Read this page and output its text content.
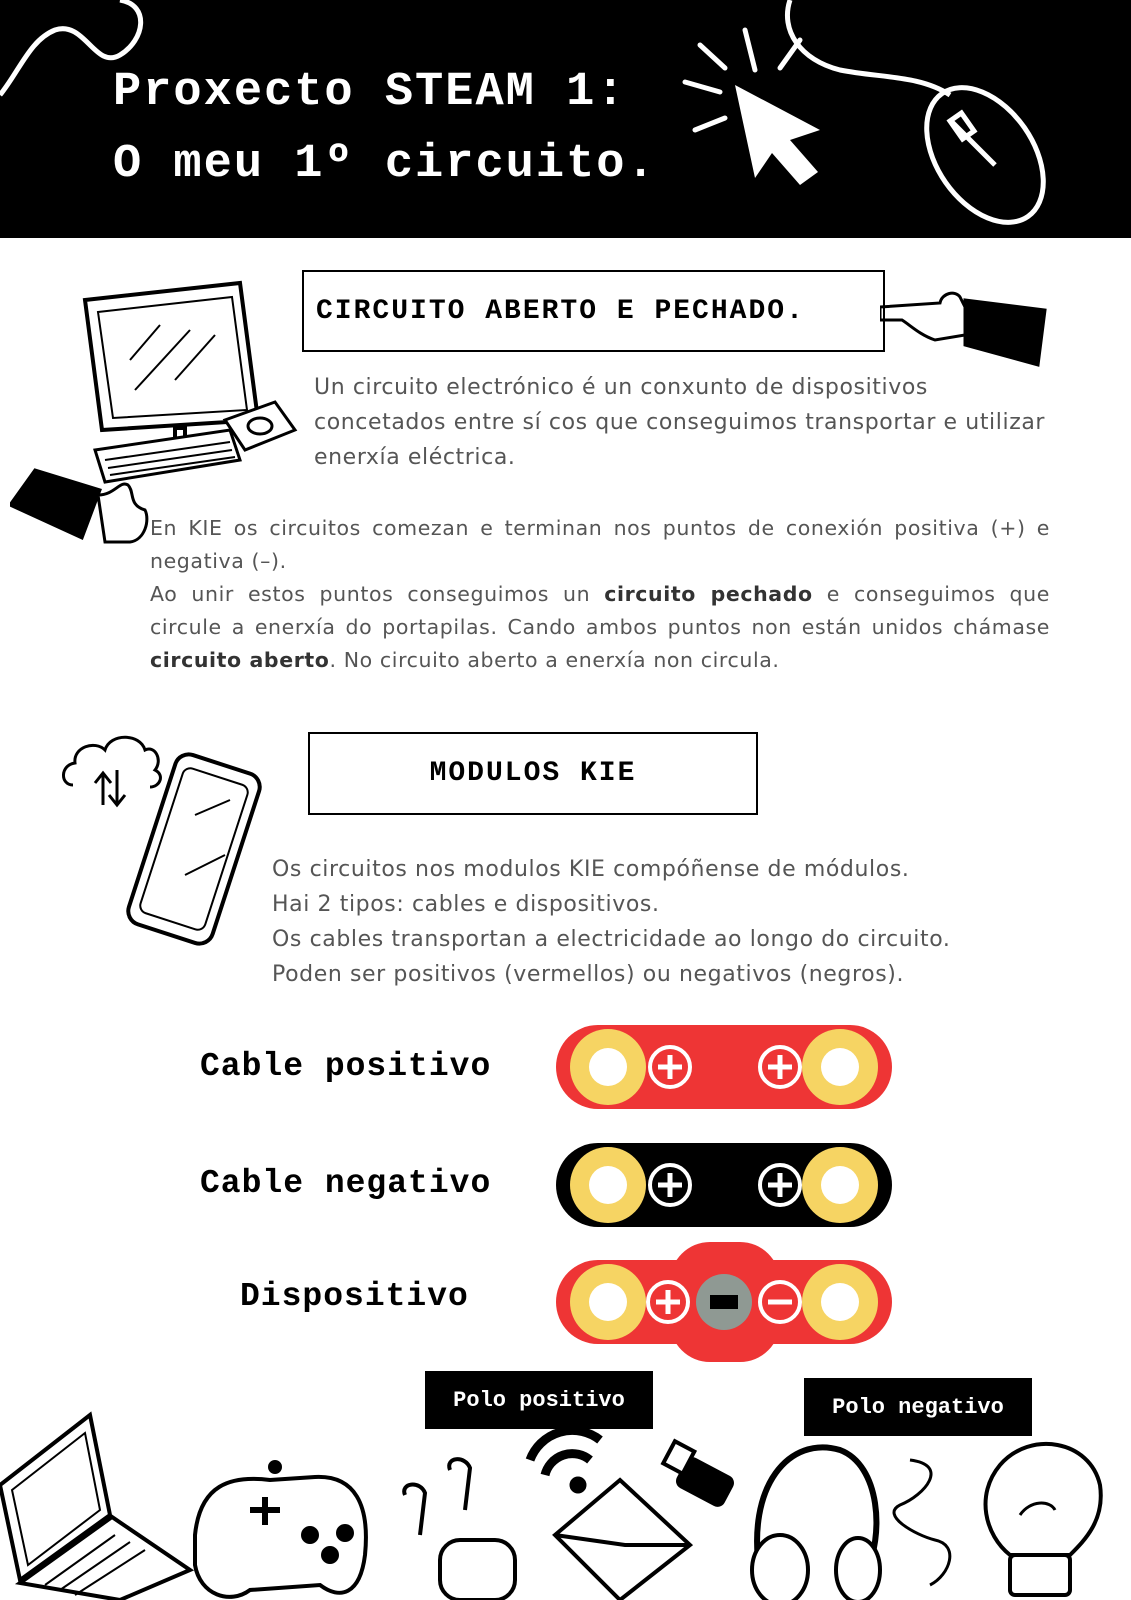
Proxecto STEAM 1:
O meu 1º circuito.
CIRCUITO ABERTO E PECHADO.
Un circuito electrónico é un conxunto de dispositivos concetados entre sí cos que conseguimos transportar e utilizar enerxía eléctrica.
En KIE os circuitos comezan e terminan nos puntos de conexión positiva (+) e negativa (–).
Ao unir estos puntos conseguimos un circuito pechado e conseguimos que circule a enerxía do portapilas. Cando ambos puntos non están unidos chámase circuito aberto. No circuito aberto a enerxía non circula.
MODULOS KIE
Os circuitos nos modulos KIE compóñense de módulos.
Hai 2 tipos: cables e dispositivos.
Os cables transportan a electricidade ao longo do circuito.
Poden ser positivos (vermellos) ou negativos (negros).
Cable positivo
Cable negativo
Dispositivo
Polo positivo	Polo negativo
